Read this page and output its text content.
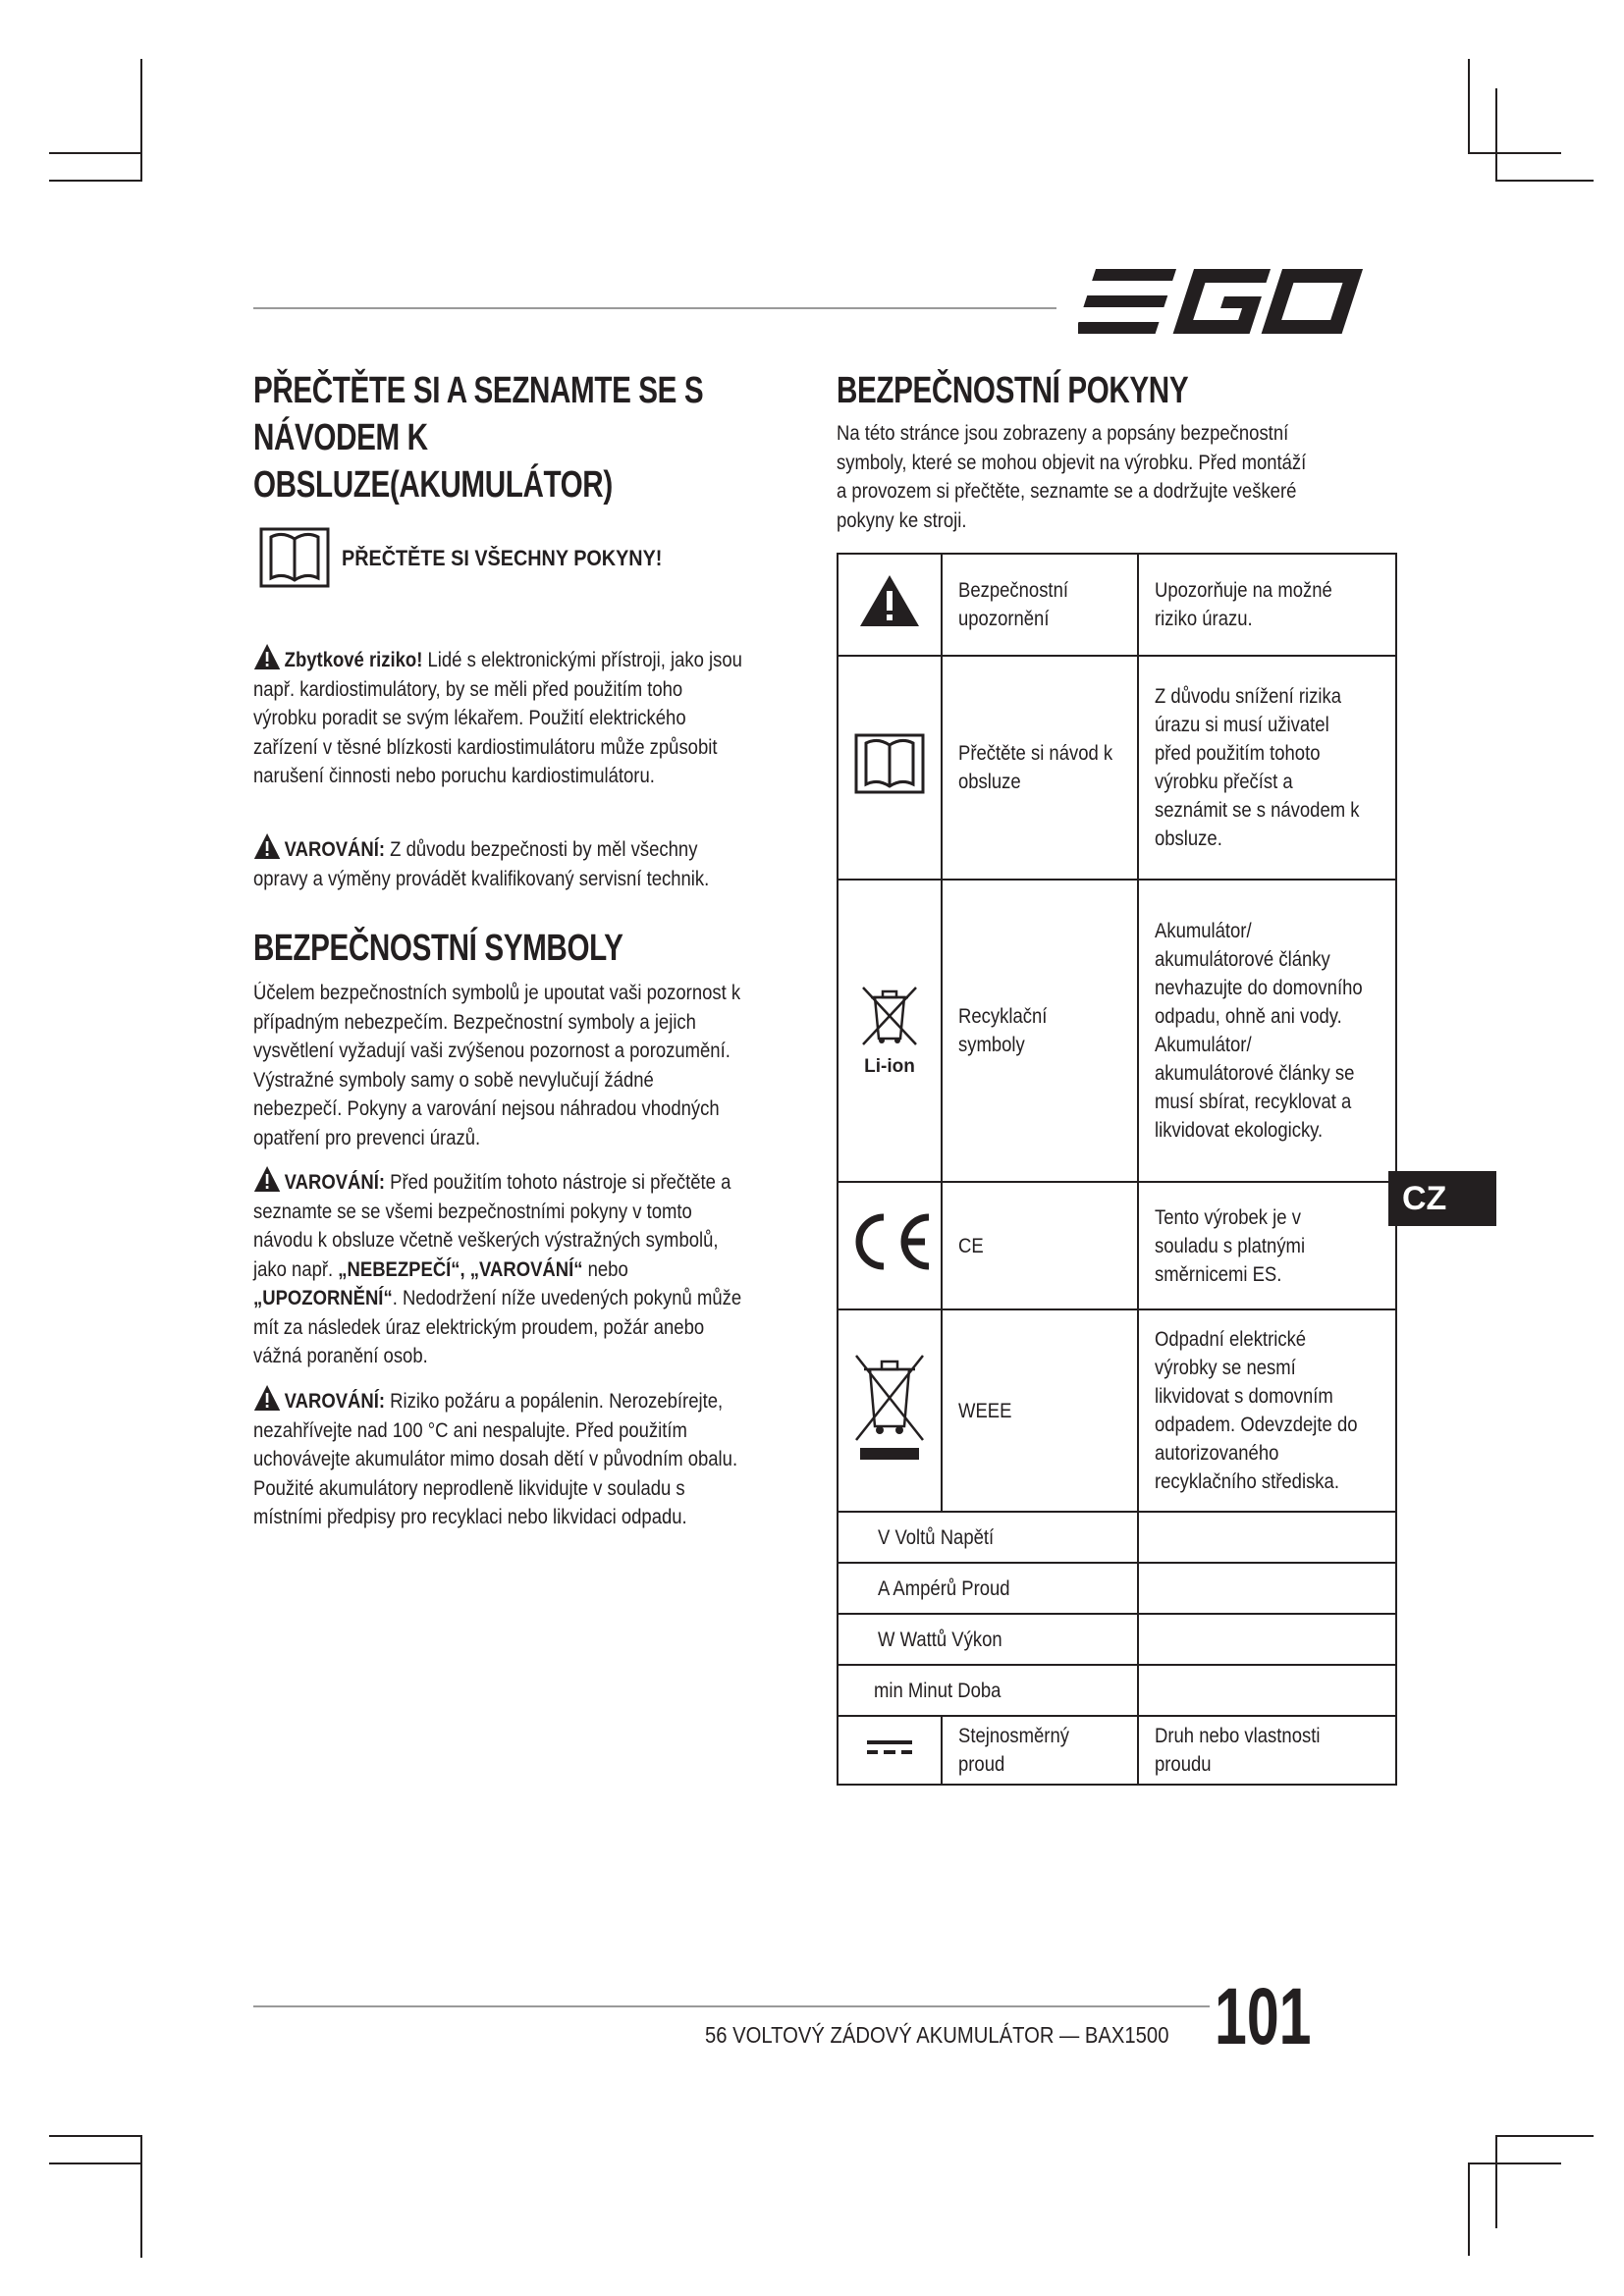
PŘEČTĚTE SI A SEZNAMTE SE S NÁVODEM K OBSLUZE(AKUMULÁTOR)
PŘEČTĚTE SI VŠECHNY POKYNY!
Zbytkové riziko! Lidé s elektronickými přístroji, jako jsou např. kardiostimulátory, by se měli před použitím toho výrobku poradit se svým lékařem. Použití elektrického zařízení v těsné blízkosti kardiostimulátoru může způsobit narušení činnosti nebo poruchu kardiostimulátoru.
VAROVÁNÍ: Z důvodu bezpečnosti by měl všechny opravy a výměny provádět kvalifikovaný servisní technik.
BEZPEČNOSTNÍ SYMBOLY
Účelem bezpečnostních symbolů je upoutat vaši pozornost k případným nebezpečím. Bezpečnostní symboly a jejich vysvětlení vyžadují vaši zvýšenou pozornost a porozumění. Výstražné symboly samy o sobě nevylučují žádné nebezpečí. Pokyny a varování nejsou náhradou vhodných opatření pro prevenci úrazů.
VAROVÁNÍ: Před použitím tohoto nástroje si přečtěte a seznamte se se všemi bezpečnostními pokyny v tomto návodu k obsluze včetně veškerých výstražných symbolů, jako např. „NEBEZPEČÍ“, „VAROVÁNÍ“ nebo „UPOZORNĚNÍ“. Nedodržení níže uvedených pokynů může mít za následek úraz elektrickým proudem, požár anebo vážná poranění osob.
VAROVÁNÍ: Riziko požáru a popálenin. Nerozebírejte, nezahřívejte nad 100 °C ani nespalujte. Před použitím uchovávejte akumulátor mimo dosah dětí v původním obalu. Použité akumulátory neprodleně likvidujte v souladu s místními předpisy pro recyklaci nebo likvidaci odpadu.
BEZPEČNOSTNÍ POKYNY
Na této stránce jsou zobrazeny a popsány bezpečnostní symboly, které se mohou objevit na výrobku. Před montáží a provozem si přečtěte, seznamte se a dodržujte veškeré pokyny ke stroji.
	Bezpečnostní upozornění	Upozorňuje na možné riziko úrazu.
	Přečtěte si návod k obsluze	Z důvodu snížení rizika úrazu si musí uživatel před použitím tohoto výrobku přečíst a seznámit se s návodem k obsluze.

Li-ion	Recyklační symboly	Akumulátor/ akumulátorové články nevhazujte do domovního odpadu, ohně ani vody. Akumulátor/ akumulátorové články se musí sbírat, recyklovat a likvidovat ekologicky.
	CE	Tento výrobek je v souladu s platnými směrnicemi ES.
	WEEE	Odpadní elektrické výrobky se nesmí likvidovat s domovním odpadem. Odevzdejte do autorizovaného recyklačního střediska.
V Voltů Napětí		
A Ampérů Proud		
W Wattů Výkon		
min Minut Doba		
	Stejnosměrný proud	Druh nebo vlastnosti proudu
CZ
56 VOLTOVÝ ZÁDOVÝ AKUMULÁTOR — BAX1500 101
